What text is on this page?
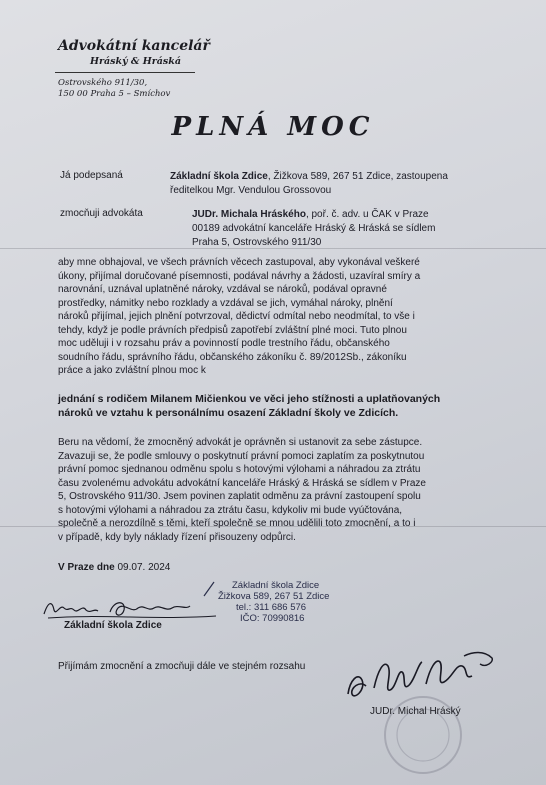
Advokátní kancelář
Hráský & Hráská
Ostrovského 911/30,
150 00 Praha 5 – Smíchov
PLNÁ MOC
Já podepsaná	Základní škola Zdice, Žižkova 589, 267 51 Zdice, zastoupena
ředitelkou Mgr. Vendulou Grossovou
zmocňuji advokáta	JUDr. Michala Hráského, poř. č. adv. u ČAK v Praze
00189 advokátní kanceláře Hráský & Hráská se sídlem
Praha 5, Ostrovského 911/30
aby mne obhajoval, ve všech právních věcech zastupoval, aby vykonával veškeré
úkony, přijímal doručované písemnosti, podával návrhy a žádosti, uzavíral smíry a
narovnání, uznával uplatněné nároky, vzdával se nároků, podával opravné
prostředky, námitky nebo rozklady a vzdával se jich, vymáhal nároky, plnění
nároků přijímal, jejich plnění potvrzoval, dědictví odmítal nebo neodmítal, to vše i
tehdy, když je podle právních předpisů zapotřebí zvláštní plné moci. Tuto plnou
moc uděluji i v rozsahu práv a povinností podle trestního řádu, občanského
soudního řádu, správního řádu, občanského zákoníku č. 89/2012Sb., zákoníku
práce a jako zvláštní plnou moc k
jednání s rodičem Milanem Mičienkou ve věci jeho stížnosti a uplatňovaných
nároků ve vztahu k personálnímu osazení Základní školy ve Zdicích.
Beru na vědomí, že zmocněný advokát je oprávněn si ustanovit za sebe zástupce.
Zavazuji se, že podle smlouvy o poskytnutí právní pomoci zaplatím za poskytnutou
právní pomoc sjednanou odměnu spolu s hotovými výlohami a náhradou za ztrátu
času zvolenému advokátu advokátní kanceláře Hráský & Hráská se sídlem v Praze
5, Ostrovského 911/30. Jsem povinen zaplatit odměnu za právní zastoupení spolu
s hotovými výlohami a náhradou za ztrátu času, kdykoliv mi bude vyúčtována,
společně a nerozdílně s těmi, kteří společně se mnou udělili toto zmocnění, a to i
v případě, kdy byly náklady řízení přisouzeny odpůrci.
V Praze dne 09.07. 2024
Základní škola Zdice
Žižkova 589, 267 51 Zdice
tel.: 311 686 576
IČO: 70990816
Základní škola Zdice
Přijímám zmocnění a zmocňuji dále ve stejném rozsahu
JUDr. Michal Hráský
